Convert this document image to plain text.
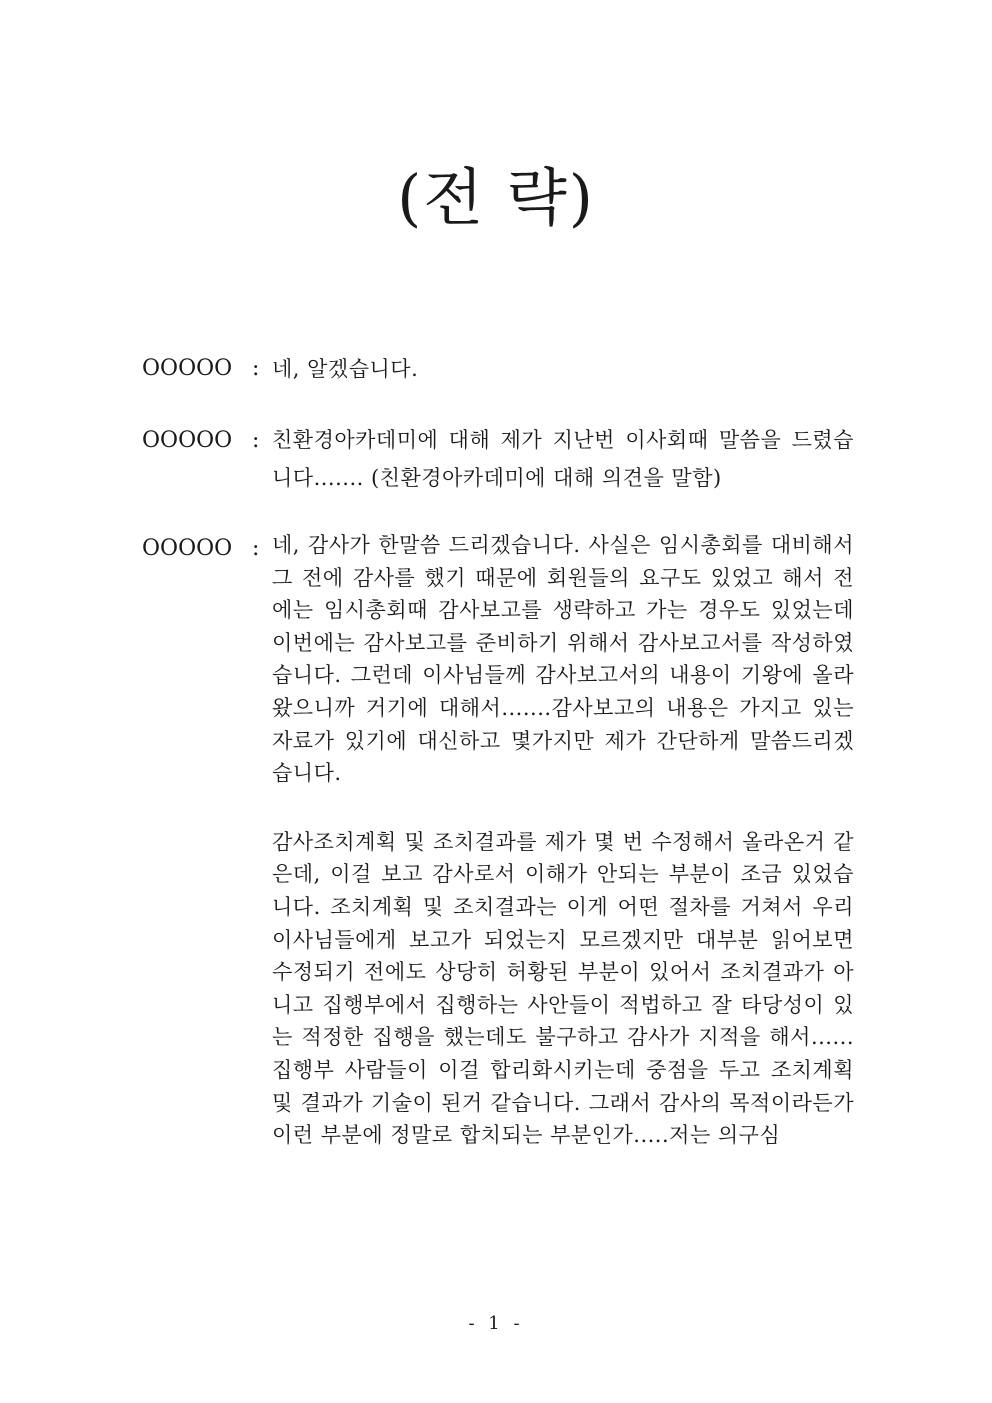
(전 략)
OOOOO : 네, 알겠습니다.

OOOOO : 친환경아카데미에 대해 제가 지난번 이사회때 말씀을 드렸습니다....... (친환경아카데미에 대해 의견을 말함)

OOOOO : 네, 감사가 한말씀 드리겠습니다. 사실은 임시총회를 대비해서 그 전에 감사를 했기 때문에 회원들의 요구도 있었고 해서 전에는 임시총회때 감사보고를 생략하고 가는 경우도 있었는데 이번에는 감사보고를 준비하기 위해서 감사보고서를 작성하였습니다. 그런데 이사님들께 감사보고서의 내용이 기왕에 올라왔으니까 거기에 대해서.......감사보고의 내용은 가지고 있는 자료가 있기에 대신하고 몇가지만 제가 간단하게 말씀드리겠습니다.

감사조치계획 및 조치결과를 제가 몇 번 수정해서 올라온거 같은데, 이걸 보고 감사로서 이해가 안되는 부분이 조금 있었습니다. 조치계획 및 조치결과는 이게 어떤 절차를 거쳐서 우리 이사님들에게 보고가 되었는지 모르겠지만 대부분 읽어보면 수정되기 전에도 상당히 허황된 부분이 있어서 조치결과가 아니고 집행부에서 집행하는 사안들이 적법하고 잘 타당성이 있는 적정한 집행을 했는데도 불구하고 감사가 지적을 해서......집행부 사람들이 이걸 합리화시키는데 중점을 두고 조치계획 및 결과가 기술이 된거 같습니다. 그래서 감사의 목적이라든가 이런 부분에 정말로 합치되는 부분인가.....저는 의구심

- 1 -
